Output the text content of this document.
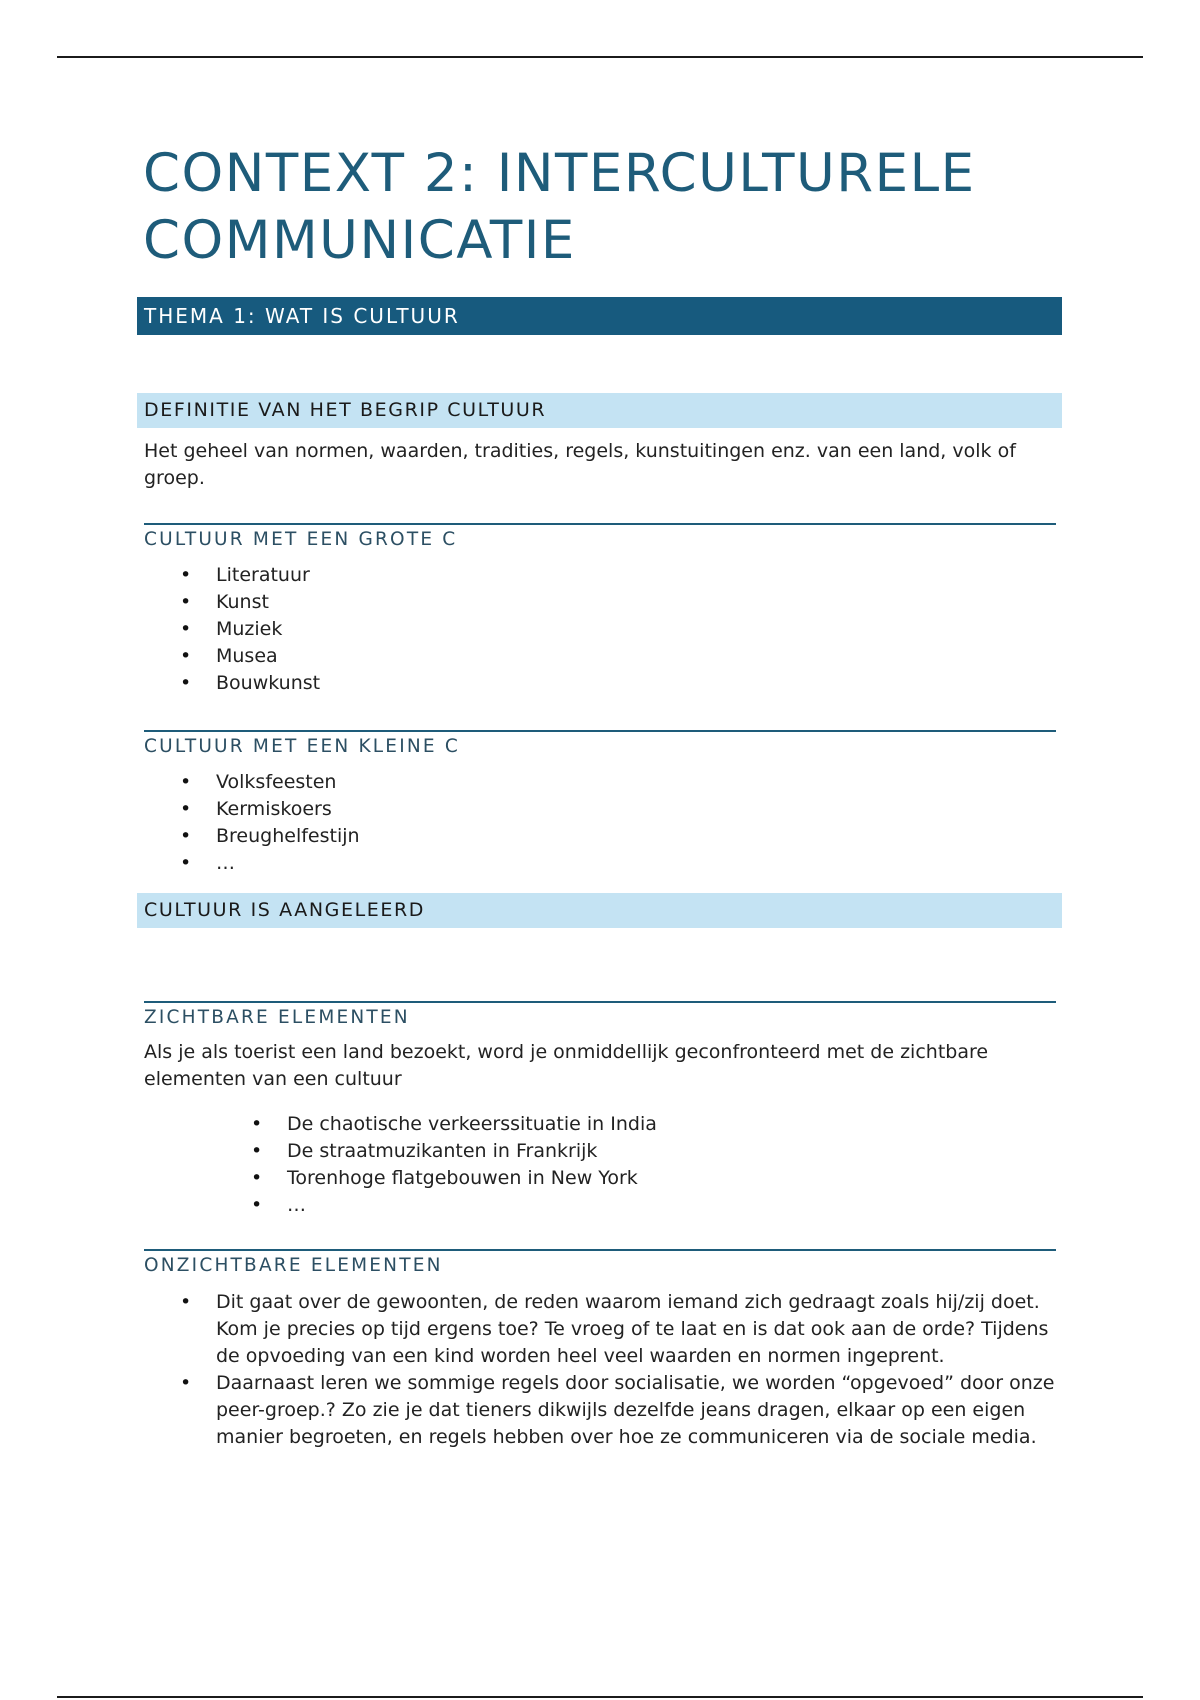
CONTEXT 2: INTERCULTURELE
COMMUNICATIE
THEMA 1: WAT IS CULTUUR
DEFINITIE VAN HET BEGRIP CULTUUR

Het geheel van normen, waarden, tradities, regels, kunstuitingen enz. van een land, volk of groep.

CULTUUR MET EEN GROTE C
• Literatuur
• Kunst
• Muziek
• Musea
• Bouwkunst
CULTUUR MET EEN KLEINE C
• Volksfeesten
• Kermiskoers
• Breughelfestijn
• …
CULTUUR IS AANGELEERD
ZICHTBARE ELEMENTEN

Als je als toerist een land bezoekt, word je onmiddellijk geconfronteerd met de zichtbare elementen van een cultuur

• De chaotische verkeerssituatie in India
• De straatmuzikanten in Frankrijk
• Torenhoge flatgebouwen in New York
• …
ONZICHTBARE ELEMENTEN
• Dit gaat over de gewoonten, de reden waarom iemand zich gedraagt zoals hij/zij doet. Kom je precies op tijd ergens toe? Te vroeg of te laat en is dat ook aan de orde? Tijdens de opvoeding van een kind worden heel veel waarden en normen ingeprent.
• Daarnaast leren we sommige regels door socialisatie, we worden “opgevoed” door onze peer-groep.? Zo zie je dat tieners dikwijls dezelfde jeans dragen, elkaar op een eigen manier begroeten, en regels hebben over hoe ze communiceren via de sociale media.
